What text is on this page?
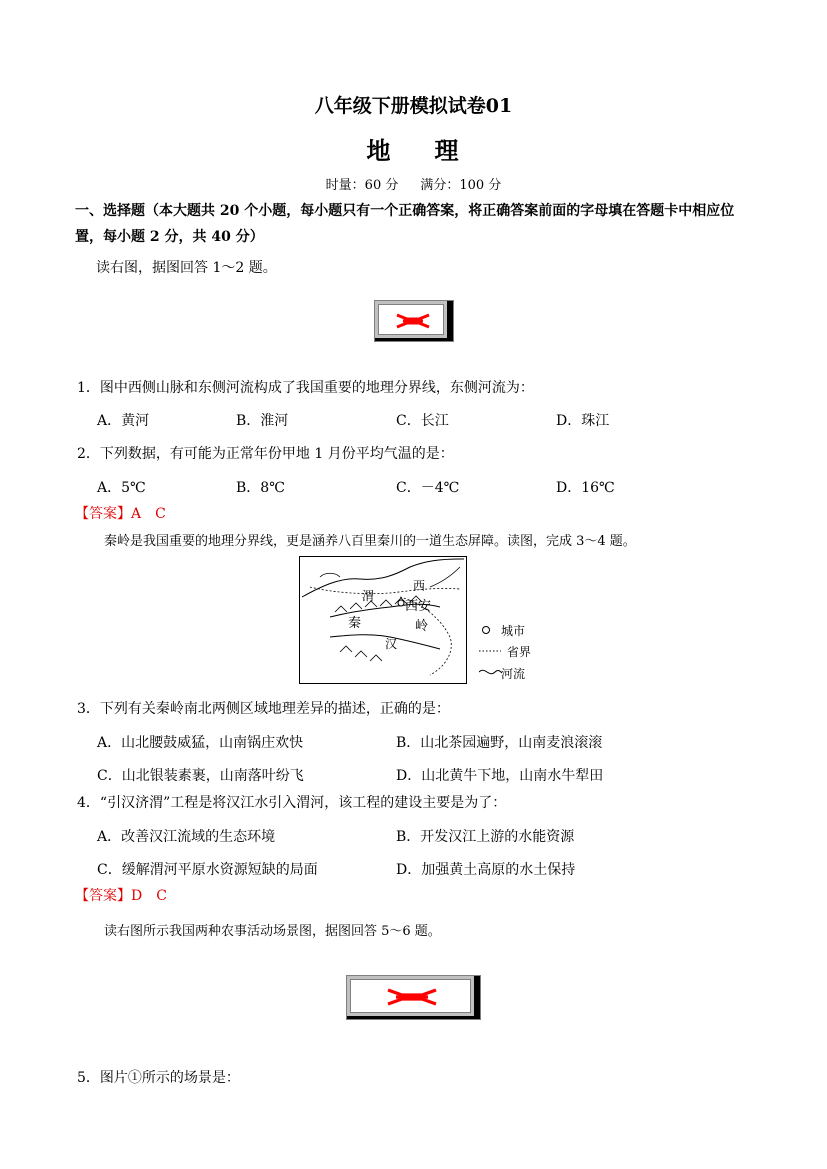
八年级下册模拟试卷01
地 理
时量：60 分 满分：100 分
一、选择题（本大题共 20 个小题，每小题只有一个正确答案，将正确答案前面的字母填在答题卡中相应位
置，每小题 2 分，共 40 分）
读右图，据图回答 1～2 题。
1．图中西侧山脉和东侧河流构成了我国重要的地理分界线，东侧河流为：
A．黄河	B．淮河	C．长江	D．珠江
2．下列数据，有可能为正常年份甲地 1 月份平均气温的是：
A．5℃	B．8℃	C．－4℃	D．16℃
【答案】A　C
秦岭是我国重要的地理分界线，更是涵养八百里秦川的一道生态屏障。读图，完成 3～4 题。
西安
秦	岭
渭
汉
西
城市
省界
河流
3．下列有关秦岭南北两侧区域地理差异的描述，正确的是：
A．山北腰鼓威猛，山南锅庄欢快	B．山北茶园遍野，山南麦浪滚滚
C．山北银装素裹，山南落叶纷飞	D．山北黄牛下地，山南水牛犁田
4．“引汉济渭”工程是将汉江水引入渭河，该工程的建设主要是为了：
A．改善汉江流域的生态环境	B．开发汉江上游的水能资源
C．缓解渭河平原水资源短缺的局面	D．加强黄土高原的水土保持
【答案】D　C
读右图所示我国两种农事活动场景图，据图回答 5～6 题。
5．图片①所示的场景是：
